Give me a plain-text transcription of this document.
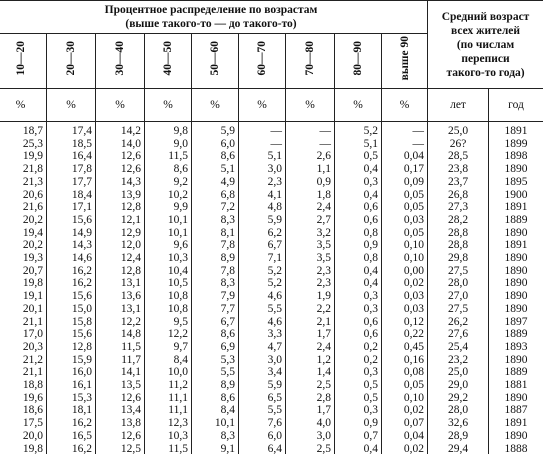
Процентное распределение по возрастам
(выше такого-то — до такого-то)									Средний возраст
всех жителей
(по числам
переписи
такого-то года)	

10—20	20—30	30—40	40—50	50—60	60—70	70—80	80—90	выше 90		
%	%	%	%	%	%	%	%	%	лет	год
18,7	17,4	14,2	9,8	5,9	—	—	5,2	—	25,0	1891
25,3	18,5	14,0	9,0	6,0	—	—	5,1	—	26?	1899
19,9	16,4	12,6	11,5	8,6	5,1	2,6	0,5	0,04	28,5	1898
21,8	17,8	12,6	8,6	5,1	3,0	1,1	0,4	0,17	23,8	1890
21,3	17,7	14,3	9,2	4,9	2,3	0,9	0,3	0,09	23,7	1895
20,6	18,4	13,9	10,2	6,8	4,1	1,8	0,4	0,05	26,8	1900
21,6	17,1	12,8	9,9	7,2	4,8	2,4	0,6	0,05	27,3	1891
20,2	15,6	12,1	10,1	8,3	5,9	2,7	0,6	0,03	28,2	1889
19,4	14,9	12,9	10,1	8,1	6,2	3,2	0,8	0,05	28,8	1890
20,2	14,3	12,0	9,6	7,8	6,7	3,5	0,9	0,10	28,8	1891
19,3	14,6	12,4	10,3	8,9	7,1	3,5	0,8	0,10	29,8	1890
20,7	16,2	12,8	10,4	7,8	5,2	2,3	0,4	0,00	27,5	1890
19,8	16,2	13,1	10,5	8,3	5,2	2,3	0,4	0,02	28,0	1890
19,1	15,6	13,6	10,8	7,9	4,6	1,9	0,3	0,03	27,0	1890
20,1	15,0	13,1	10,8	7,7	5,5	2,2	0,3	0,03	27,5	1890
21,1	15,8	12,2	9,5	6,7	4,6	2,1	0,6	0,12	26,2	1897
17,0	15,6	14,8	12,2	8,6	3,3	1,7	0,6	0,22	27,6	1889
20,3	12,8	11,5	9,7	6,9	4,7	2,4	0,2	0,45	25,4	1893
21,2	15,9	11,7	8,4	5,3	3,0	1,2	0,2	0,16	23,2	1890
21,1	16,0	14,1	10,0	5,5	3,4	1,4	0,3	0,08	25,0	1889
18,8	16,1	13,5	11,2	8,9	5,9	2,5	0,5	0,05	29,0	1881
19,6	15,3	12,6	11,1	8,6	6,5	2,8	0,5	0,10	29,2	1890
18,6	18,1	13,4	11,1	8,4	5,5	1,7	0,3	0,02	28,0	1887
17,5	16,2	13,8	12,3	10,1	7,6	4,0	0,9	0,07	32,6	1891
20,0	16,5	12,6	10,3	8,3	6,0	3,0	0,7	0,04	28,9	1890
19,8	16,2	12,5	11,5	9,1	6,4	2,5	0,4	0,02	29,4	1888
